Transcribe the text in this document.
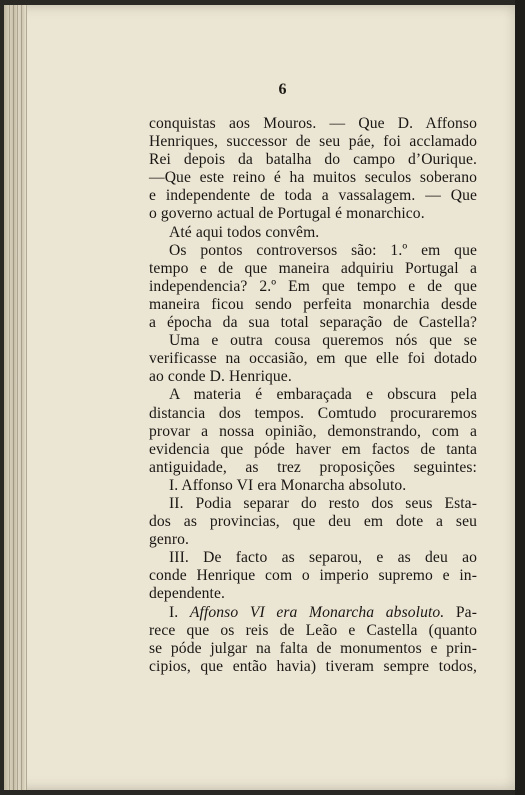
6
conquistas aos Mouros. — Que D. Affonso
Henriques, successor de seu páe, foi acclamado
Rei depois da batalha do campo d’Ourique.
—Que este reino é ha muitos seculos soberano
e independente de toda a vassalagem. — Que
o governo actual de Portugal é monarchico.
Até aqui todos convêm.
Os pontos controversos são: 1.º em que
tempo e de que maneira adquiriu Portugal a
independencia? 2.º Em que tempo e de que
maneira ficou sendo perfeita monarchia desde
a épocha da sua total separação de Castella?
Uma e outra cousa queremos nós que se
verificasse na occasião, em que elle foi dotado
ao conde D. Henrique.
A materia é embaraçada e obscura pela
distancia dos tempos. Comtudo procuraremos
provar a nossa opinião, demonstrando, com a
evidencia que póde haver em factos de tanta
antiguidade, as trez proposições seguintes:
I. Affonso VI era Monarcha absoluto.
II. Podia separar do resto dos seus Esta-
dos as provincias, que deu em dote a seu
genro.
III. De facto as separou, e as deu ao
conde Henrique com o imperio supremo e in-
dependente.
I. Affonso VI era Monarcha absoluto. Pa-
rece que os reis de Leão e Castella (quanto
se póde julgar na falta de monumentos e prin-
cipios, que então havia) tiveram sempre todos,
